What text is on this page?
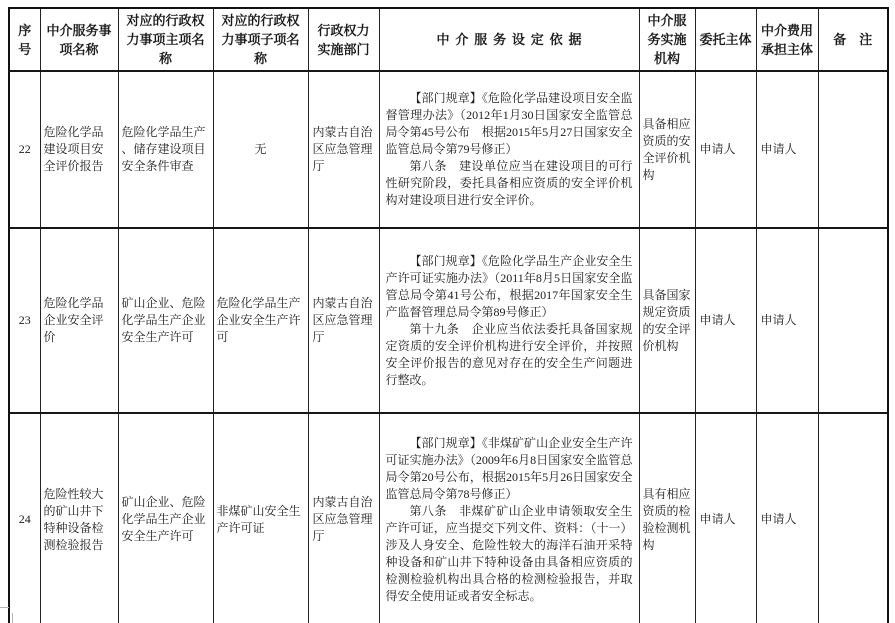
序号	中介服务事项名称	对应的行政权力事项主项名称	对应的行政权力事项子项名称	行政权力实施部门	中介服务设定依据	中介服务实施机构	委托主体	中介费用承担主体	备　注
22	危险化学品建设项目安全评价报告	危险化学品生产、储存建设项目安全条件审查	无	内蒙古自治区应急管理厅	【部门规章】《危险化学品建设项目安全监督管理办法》（2012年1月30日国家安全监管总局令第45号公布　根据2015年5月27日国家安全监管总局令第79号修正）

第八条　建设单位应当在建设项目的可行性研究阶段，委托具备相应资质的安全评价机构对建设项目进行安全评价。	具备相应资质的安全评价机构	申请人	申请人	
23	危险化学品企业安全评价	矿山企业、危险化学品生产企业安全生产许可	危险化学品生产企业安全生产许可	内蒙古自治区应急管理厅	【部门规章】《危险化学品生产企业安全生产许可证实施办法》（2011年8月5日国家安全监管总局令第41号公布，根据2017年国家安全生产监督管理总局令第89号修正）

第十九条　企业应当依法委托具备国家规定资质的安全评价机构进行安全评价，并按照安全评价报告的意见对存在的安全生产问题进行整改。	具备国家规定资质的安全评价机构	申请人	申请人	
24	危险性较大的矿山井下特种设备检测检验报告	矿山企业、危险化学品生产企业安全生产许可	非煤矿山安全生产许可证	内蒙古自治区应急管理厅	【部门规章】《非煤矿矿山企业安全生产许可证实施办法》（2009年6月8日国家安全监管总局令第20号公布，根据2015年5月26日国家安全监管总局令第78号修正）

第八条　非煤矿矿山企业申请领取安全生产许可证，应当提交下列文件、资料：（十一）涉及人身安全、危险性较大的海洋石油开采特种设备和矿山井下特种设备由具备相应资质的检测检验机构出具合格的检测检验报告，并取得安全使用证或者安全标志。	具有相应资质的检验检测机构	申请人	申请人	
